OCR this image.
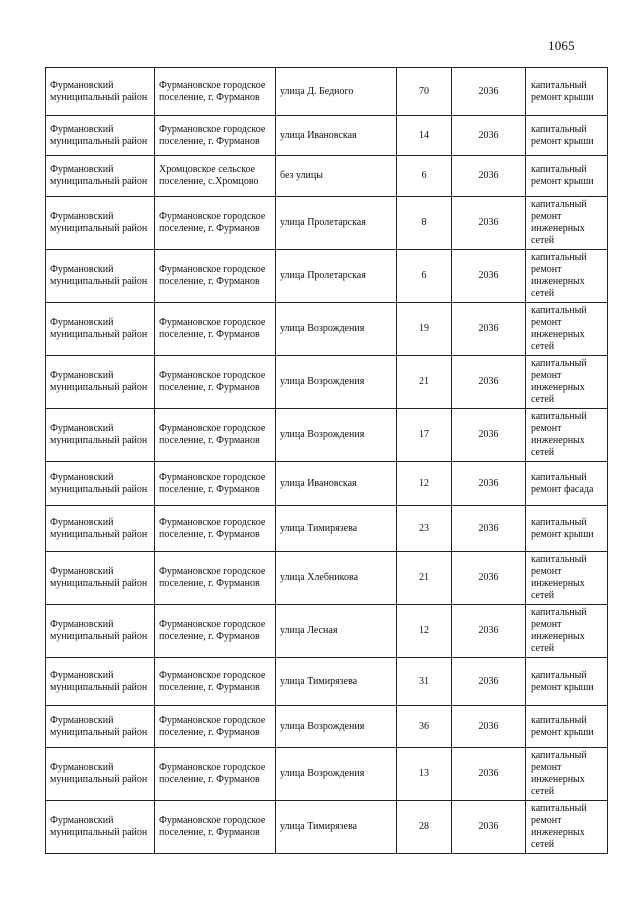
1065
Фурмановский муниципальный район	Фурмановское городское поселение, г. Фурманов	улица Д. Бедного	70	2036	капитальный ремонт крыши
Фурмановский муниципальный район	Фурмановское городское поселение, г. Фурманов	улица Ивановская	14	2036	капитальный ремонт крыши
Фурмановский муниципальный район	Хромцовское сельское поселение, с.Хромцово	без улицы	6	2036	капитальный ремонт крыши
Фурмановский муниципальный район	Фурмановское городское поселение, г. Фурманов	улица Пролетарская	8	2036	капитальный ремонт инженерных сетей
Фурмановский муниципальный район	Фурмановское городское поселение, г. Фурманов	улица Пролетарская	6	2036	капитальный ремонт инженерных сетей
Фурмановский муниципальный район	Фурмановское городское поселение, г. Фурманов	улица Возрождения	19	2036	капитальный ремонт инженерных сетей
Фурмановский муниципальный район	Фурмановское городское поселение, г. Фурманов	улица Возрождения	21	2036	капитальный ремонт инженерных сетей
Фурмановский муниципальный район	Фурмановское городское поселение, г. Фурманов	улица Возрождения	17	2036	капитальный ремонт инженерных сетей
Фурмановский муниципальный район	Фурмановское городское поселение, г. Фурманов	улица Ивановская	12	2036	капитальный ремонт фасада
Фурмановский муниципальный район	Фурмановское городское поселение, г. Фурманов	улица Тимирязева	23	2036	капитальный ремонт крыши
Фурмановский муниципальный район	Фурмановское городское поселение, г. Фурманов	улица Хлебникова	21	2036	капитальный ремонт инженерных сетей
Фурмановский муниципальный район	Фурмановское городское поселение, г. Фурманов	улица Лесная	12	2036	капитальный ремонт инженерных сетей
Фурмановский муниципальный район	Фурмановское городское поселение, г. Фурманов	улица Тимирязева	31	2036	капитальный ремонт крыши
Фурмановский муниципальный район	Фурмановское городское поселение, г. Фурманов	улица Возрождения	36	2036	капитальный ремонт крыши
Фурмановский муниципальный район	Фурмановское городское поселение, г. Фурманов	улица Возрождения	13	2036	капитальный ремонт инженерных сетей
Фурмановский муниципальный район	Фурмановское городское поселение, г. Фурманов	улица Тимирязева	28	2036	капитальный ремонт инженерных сетей
